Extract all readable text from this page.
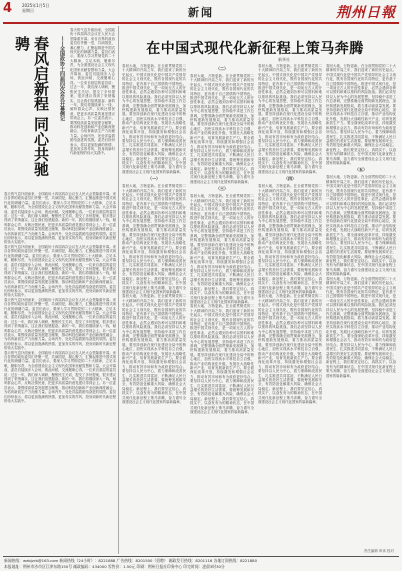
4 2025年1月5日
星期日	新闻	荆州日報
春风启新程 同心共驰骋	——全国政协十四届四次会议开幕侧记
春天的气息扑面而来，全国政协十四届四次会议在人民大会堂隆重开幕。来自各界的政协委员们齐聚一堂，共商国是，凝心聚力，汇聚起推进中国式现代化的磅礴力量。委员们表示，要深入学习贯彻党的二十大精神，立足本职，履职尽责，为全面建设社会主义现代化国家贡献智慧和力量。大会开幕前，委员们陆续步入会场，彼此问候，交流履职心得。一位来自基层的委员说：过去一年，我们深入调研，聚焦民生关切，提交了多份提案，很多建议得到了采纳落实，这让我们倍感振奋。新的一年，我们将继续深入一线，倾听群众心声，反映社情民意，把更多高质量的意见建议带到会上。另一位委员表示，要围绕高质量发展建言献策，推动科技创新和产业创新深度融合，为培育新质生产力贡献力量。会场内外，处处洋溢着团结奋进的氛围。委员们纷纷表示，将以更加饱满的热情、更加务实的作风，投身到新时代新征程的伟大实践中。
春天的气息扑面而来，全国政协十四届四次会议在人民大会堂隆重开幕。来自各界的政协委员们齐聚一堂，共商国是，凝心聚力，汇聚起推进中国式现代化的磅礴力量。委员们表示，要深入学习贯彻党的二十大精神，立足本职，履职尽责，为全面建设社会主义现代化国家贡献智慧和力量。大会开幕前，委员们陆续步入会场，彼此问候，交流履职心得。一位来自基层的委员说：过去一年，我们深入调研，聚焦民生关切，提交了多份提案，很多建议得到了采纳落实，这让我们倍感振奋。新的一年，我们将继续深入一线，倾听群众心声，反映社情民意，把更多高质量的意见建议带到会上。另一位委员表示，要围绕高质量发展建言献策，推动科技创新和产业创新深度融合，为培育新质生产力贡献力量。会场内外，处处洋溢着团结奋进的氛围。委员们纷纷表示，将以更加饱满的热情、更加务实的作风，投身到新时代新征程的伟大实践中。
春天的气息扑面而来，全国政协十四届四次会议在人民大会堂隆重开幕。来自各界的政协委员们齐聚一堂，共商国是，凝心聚力，汇聚起推进中国式现代化的磅礴力量。委员们表示，要深入学习贯彻党的二十大精神，立足本职，履职尽责，为全面建设社会主义现代化国家贡献智慧和力量。大会开幕前，委员们陆续步入会场，彼此问候，交流履职心得。一位来自基层的委员说：过去一年，我们深入调研，聚焦民生关切，提交了多份提案，很多建议得到了采纳落实，这让我们倍感振奋。新的一年，我们将继续深入一线，倾听群众心声，反映社情民意，把更多高质量的意见建议带到会上。另一位委员表示，要围绕高质量发展建言献策，推动科技创新和产业创新深度融合，为培育新质生产力贡献力量。会场内外，处处洋溢着团结奋进的氛围。委员们纷纷表示，将以更加饱满的热情、更加务实的作风，投身到新时代新征程的伟大实践中。
春天的气息扑面而来，全国政协十四届四次会议在人民大会堂隆重开幕。来自各界的政协委员们齐聚一堂，共商国是，凝心聚力，汇聚起推进中国式现代化的磅礴力量。委员们表示，要深入学习贯彻党的二十大精神，立足本职，履职尽责，为全面建设社会主义现代化国家贡献智慧和力量。大会开幕前，委员们陆续步入会场，彼此问候，交流履职心得。一位来自基层的委员说：过去一年，我们深入调研，聚焦民生关切，提交了多份提案，很多建议得到了采纳落实，这让我们倍感振奋。新的一年，我们将继续深入一线，倾听群众心声，反映社情民意，把更多高质量的意见建议带到会上。另一位委员表示，要围绕高质量发展建言献策，推动科技创新和产业创新深度融合，为培育新质生产力贡献力量。会场内外，处处洋溢着团结奋进的氛围。委员们纷纷表示，将以更加饱满的热情、更加务实的作风，投身到新时代新征程的伟大实践中。
春天的气息扑面而来，全国政协十四届四次会议在人民大会堂隆重开幕。来自各界的政协委员们齐聚一堂，共商国是，凝心聚力，汇聚起推进中国式现代化的磅礴力量。委员们表示，要深入学习贯彻党的二十大精神，立足本职，履职尽责，为全面建设社会主义现代化国家贡献智慧和力量。大会开幕前，委员们陆续步入会场，彼此问候，交流履职心得。一位来自基层的委员说：过去一年，我们深入调研，聚焦民生关切，提交了多份提案，很多建议得到了采纳落实，这让我们倍感振奋。新的一年，我们将继续深入一线，倾听群众心声，反映社情民意，把更多高质量的意见建议带到会上。另一位委员表示，要围绕高质量发展建言献策，推动科技创新和产业创新深度融合，为培育新质生产力贡献力量。会场内外，处处洋溢着团结奋进的氛围。委员们纷纷表示，将以更加饱满的热情、更加务实的作风，投身到新时代新征程的伟大实践中。
在中国式现代化新征程上策马奔腾
新华社
春回大地，万物更新。在全面贯彻党的二十大精神的开局之年，我们迎来了新的历史起点。中国式现代化是中国共产党领导的社会主义现代化，既有各国现代化的共同特征，更有基于自己国情的中国特色。推进中国式现代化，是一项前无古人的开创性事业，必然会遇到各种可以预料和难以预料的风险挑战。我们必须坚持以人民为中心的发展思想，坚持稳中求进工作总基调，完整准确全面贯彻新发展理念，加快构建新发展格局，着力推动高质量发展。要坚持创新在现代化建设全局中的核心地位，加快实现高水平科技自立自强，推动产业结构优化升级，发展壮大战略性新兴产业，培育发展新质生产力。要全面深化改革开放，持续激发和增强社会活力，推动有效市场和有为政府更好结合。要坚持以人民为中心，着力保障和改善民生，扎实推进共同富裕，不断满足人民日益增长的美好生活需要。要统筹发展和安全，有效防范化解重大风险，确保社会大局稳定。新征程上，我们要坚定信心、真抓实干，以奋发有为的精神状态，在中国式现代化新征程上策马奔腾，奋力谱写全面建设社会主义现代化国家的崭新篇章。
（一）
春回大地，万物更新。在全面贯彻党的二十大精神的开局之年，我们迎来了新的历史起点。中国式现代化是中国共产党领导的社会主义现代化，既有各国现代化的共同特征，更有基于自己国情的中国特色。推进中国式现代化，是一项前无古人的开创性事业，必然会遇到各种可以预料和难以预料的风险挑战。我们必须坚持以人民为中心的发展思想，坚持稳中求进工作总基调，完整准确全面贯彻新发展理念，加快构建新发展格局，着力推动高质量发展。要坚持创新在现代化建设全局中的核心地位，加快实现高水平科技自立自强，推动产业结构优化升级，发展壮大战略性新兴产业，培育发展新质生产力。要全面深化改革开放，持续激发和增强社会活力，推动有效市场和有为政府更好结合。要坚持以人民为中心，着力保障和改善民生，扎实推进共同富裕，不断满足人民日益增长的美好生活需要。要统筹发展和安全，有效防范化解重大风险，确保社会大局稳定。新征程上，我们要坚定信心、真抓实干，以奋发有为的精神状态，在中国式现代化新征程上策马奔腾，奋力谱写全面建设社会主义现代化国家的崭新篇章。
春回大地，万物更新。在全面贯彻党的二十大精神的开局之年，我们迎来了新的历史起点。中国式现代化是中国共产党领导的社会主义现代化，既有各国现代化的共同特征，更有基于自己国情的中国特色。推进中国式现代化，是一项前无古人的开创性事业，必然会遇到各种可以预料和难以预料的风险挑战。我们必须坚持以人民为中心的发展思想，坚持稳中求进工作总基调，完整准确全面贯彻新发展理念，加快构建新发展格局，着力推动高质量发展。要坚持创新在现代化建设全局中的核心地位，加快实现高水平科技自立自强，推动产业结构优化升级，发展壮大战略性新兴产业，培育发展新质生产力。要全面深化改革开放，持续激发和增强社会活力，推动有效市场和有为政府更好结合。要坚持以人民为中心，着力保障和改善民生，扎实推进共同富裕，不断满足人民日益增长的美好生活需要。要统筹发展和安全，有效防范化解重大风险，确保社会大局稳定。新征程上，我们要坚定信心、真抓实干，以奋发有为的精神状态，在中国式现代化新征程上策马奔腾，奋力谱写全面建设社会主义现代化国家的崭新篇章。
（二）
春回大地，万物更新。在全面贯彻党的二十大精神的开局之年，我们迎来了新的历史起点。中国式现代化是中国共产党领导的社会主义现代化，既有各国现代化的共同特征，更有基于自己国情的中国特色。推进中国式现代化，是一项前无古人的开创性事业，必然会遇到各种可以预料和难以预料的风险挑战。我们必须坚持以人民为中心的发展思想，坚持稳中求进工作总基调，完整准确全面贯彻新发展理念，加快构建新发展格局，着力推动高质量发展。要坚持创新在现代化建设全局中的核心地位，加快实现高水平科技自立自强，推动产业结构优化升级，发展壮大战略性新兴产业，培育发展新质生产力。要全面深化改革开放，持续激发和增强社会活力，推动有效市场和有为政府更好结合。要坚持以人民为中心，着力保障和改善民生，扎实推进共同富裕，不断满足人民日益增长的美好生活需要。要统筹发展和安全，有效防范化解重大风险，确保社会大局稳定。新征程上，我们要坚定信心、真抓实干，以奋发有为的精神状态，在中国式现代化新征程上策马奔腾，奋力谱写全面建设社会主义现代化国家的崭新篇章。
（三）
春回大地，万物更新。在全面贯彻党的二十大精神的开局之年，我们迎来了新的历史起点。中国式现代化是中国共产党领导的社会主义现代化，既有各国现代化的共同特征，更有基于自己国情的中国特色。推进中国式现代化，是一项前无古人的开创性事业，必然会遇到各种可以预料和难以预料的风险挑战。我们必须坚持以人民为中心的发展思想，坚持稳中求进工作总基调，完整准确全面贯彻新发展理念，加快构建新发展格局，着力推动高质量发展。要坚持创新在现代化建设全局中的核心地位，加快实现高水平科技自立自强，推动产业结构优化升级，发展壮大战略性新兴产业，培育发展新质生产力。要全面深化改革开放，持续激发和增强社会活力，推动有效市场和有为政府更好结合。要坚持以人民为中心，着力保障和改善民生，扎实推进共同富裕，不断满足人民日益增长的美好生活需要。要统筹发展和安全，有效防范化解重大风险，确保社会大局稳定。新征程上，我们要坚定信心、真抓实干，以奋发有为的精神状态，在中国式现代化新征程上策马奔腾，奋力谱写全面建设社会主义现代化国家的崭新篇章。
春回大地，万物更新。在全面贯彻党的二十大精神的开局之年，我们迎来了新的历史起点。中国式现代化是中国共产党领导的社会主义现代化，既有各国现代化的共同特征，更有基于自己国情的中国特色。推进中国式现代化，是一项前无古人的开创性事业，必然会遇到各种可以预料和难以预料的风险挑战。我们必须坚持以人民为中心的发展思想，坚持稳中求进工作总基调，完整准确全面贯彻新发展理念，加快构建新发展格局，着力推动高质量发展。要坚持创新在现代化建设全局中的核心地位，加快实现高水平科技自立自强，推动产业结构优化升级，发展壮大战略性新兴产业，培育发展新质生产力。要全面深化改革开放，持续激发和增强社会活力，推动有效市场和有为政府更好结合。要坚持以人民为中心，着力保障和改善民生，扎实推进共同富裕，不断满足人民日益增长的美好生活需要。要统筹发展和安全，有效防范化解重大风险，确保社会大局稳定。新征程上，我们要坚定信心、真抓实干，以奋发有为的精神状态，在中国式现代化新征程上策马奔腾，奋力谱写全面建设社会主义现代化国家的崭新篇章。
春回大地，万物更新。在全面贯彻党的二十大精神的开局之年，我们迎来了新的历史起点。中国式现代化是中国共产党领导的社会主义现代化，既有各国现代化的共同特征，更有基于自己国情的中国特色。推进中国式现代化，是一项前无古人的开创性事业，必然会遇到各种可以预料和难以预料的风险挑战。我们必须坚持以人民为中心的发展思想，坚持稳中求进工作总基调，完整准确全面贯彻新发展理念，加快构建新发展格局，着力推动高质量发展。要坚持创新在现代化建设全局中的核心地位，加快实现高水平科技自立自强，推动产业结构优化升级，发展壮大战略性新兴产业，培育发展新质生产力。要全面深化改革开放，持续激发和增强社会活力，推动有效市场和有为政府更好结合。要坚持以人民为中心，着力保障和改善民生，扎实推进共同富裕，不断满足人民日益增长的美好生活需要。要统筹发展和安全，有效防范化解重大风险，确保社会大局稳定。新征程上，我们要坚定信心、真抓实干，以奋发有为的精神状态，在中国式现代化新征程上策马奔腾，奋力谱写全面建设社会主义现代化国家的崭新篇章。
（四）
春回大地，万物更新。在全面贯彻党的二十大精神的开局之年，我们迎来了新的历史起点。中国式现代化是中国共产党领导的社会主义现代化，既有各国现代化的共同特征，更有基于自己国情的中国特色。推进中国式现代化，是一项前无古人的开创性事业，必然会遇到各种可以预料和难以预料的风险挑战。我们必须坚持以人民为中心的发展思想，坚持稳中求进工作总基调，完整准确全面贯彻新发展理念，加快构建新发展格局，着力推动高质量发展。要坚持创新在现代化建设全局中的核心地位，加快实现高水平科技自立自强，推动产业结构优化升级，发展壮大战略性新兴产业，培育发展新质生产力。要全面深化改革开放，持续激发和增强社会活力，推动有效市场和有为政府更好结合。要坚持以人民为中心，着力保障和改善民生，扎实推进共同富裕，不断满足人民日益增长的美好生活需要。要统筹发展和安全，有效防范化解重大风险，确保社会大局稳定。新征程上，我们要坚定信心、真抓实干，以奋发有为的精神状态，在中国式现代化新征程上策马奔腾，奋力谱写全面建设社会主义现代化国家的崭新篇章。
春回大地，万物更新。在全面贯彻党的二十大精神的开局之年，我们迎来了新的历史起点。中国式现代化是中国共产党领导的社会主义现代化，既有各国现代化的共同特征，更有基于自己国情的中国特色。推进中国式现代化，是一项前无古人的开创性事业，必然会遇到各种可以预料和难以预料的风险挑战。我们必须坚持以人民为中心的发展思想，坚持稳中求进工作总基调，完整准确全面贯彻新发展理念，加快构建新发展格局，着力推动高质量发展。要坚持创新在现代化建设全局中的核心地位，加快实现高水平科技自立自强，推动产业结构优化升级，发展壮大战略性新兴产业，培育发展新质生产力。要全面深化改革开放，持续激发和增强社会活力，推动有效市场和有为政府更好结合。要坚持以人民为中心，着力保障和改善民生，扎实推进共同富裕，不断满足人民日益增长的美好生活需要。要统筹发展和安全，有效防范化解重大风险，确保社会大局稳定。新征程上，我们要坚定信心、真抓实干，以奋发有为的精神状态，在中国式现代化新征程上策马奔腾，奋力谱写全面建设社会主义现代化国家的崭新篇章。
春回大地，万物更新。在全面贯彻党的二十大精神的开局之年，我们迎来了新的历史起点。中国式现代化是中国共产党领导的社会主义现代化，既有各国现代化的共同特征，更有基于自己国情的中国特色。推进中国式现代化，是一项前无古人的开创性事业，必然会遇到各种可以预料和难以预料的风险挑战。我们必须坚持以人民为中心的发展思想，坚持稳中求进工作总基调，完整准确全面贯彻新发展理念，加快构建新发展格局，着力推动高质量发展。要坚持创新在现代化建设全局中的核心地位，加快实现高水平科技自立自强，推动产业结构优化升级，发展壮大战略性新兴产业，培育发展新质生产力。要全面深化改革开放，持续激发和增强社会活力，推动有效市场和有为政府更好结合。要坚持以人民为中心，着力保障和改善民生，扎实推进共同富裕，不断满足人民日益增长的美好生活需要。要统筹发展和安全，有效防范化解重大风险，确保社会大局稳定。新征程上，我们要坚定信心、真抓实干，以奋发有为的精神状态，在中国式现代化新征程上策马奔腾，奋力谱写全面建设社会主义现代化国家的崭新篇章。
（五）
春回大地，万物更新。在全面贯彻党的二十大精神的开局之年，我们迎来了新的历史起点。中国式现代化是中国共产党领导的社会主义现代化，既有各国现代化的共同特征，更有基于自己国情的中国特色。推进中国式现代化，是一项前无古人的开创性事业，必然会遇到各种可以预料和难以预料的风险挑战。我们必须坚持以人民为中心的发展思想，坚持稳中求进工作总基调，完整准确全面贯彻新发展理念，加快构建新发展格局，着力推动高质量发展。要坚持创新在现代化建设全局中的核心地位，加快实现高水平科技自立自强，推动产业结构优化升级，发展壮大战略性新兴产业，培育发展新质生产力。要全面深化改革开放，持续激发和增强社会活力，推动有效市场和有为政府更好结合。要坚持以人民为中心，着力保障和改善民生，扎实推进共同富裕，不断满足人民日益增长的美好生活需要。要统筹发展和安全，有效防范化解重大风险，确保社会大局稳定。新征程上，我们要坚定信心、真抓实干，以奋发有为的精神状态，在中国式现代化新征程上策马奔腾，奋力谱写全面建设社会主义现代化国家的崭新篇章。
春回大地，万物更新。在全面贯彻党的二十大精神的开局之年，我们迎来了新的历史起点。中国式现代化是中国共产党领导的社会主义现代化，既有各国现代化的共同特征，更有基于自己国情的中国特色。推进中国式现代化，是一项前无古人的开创性事业，必然会遇到各种可以预料和难以预料的风险挑战。我们必须坚持以人民为中心的发展思想，坚持稳中求进工作总基调，完整准确全面贯彻新发展理念，加快构建新发展格局，着力推动高质量发展。要坚持创新在现代化建设全局中的核心地位，加快实现高水平科技自立自强，推动产业结构优化升级，发展壮大战略性新兴产业，培育发展新质生产力。要全面深化改革开放，持续激发和增强社会活力，推动有效市场和有为政府更好结合。要坚持以人民为中心，着力保障和改善民生，扎实推进共同富裕，不断满足人民日益增长的美好生活需要。要统筹发展和安全，有效防范化解重大风险，确保社会大局稳定。新征程上，我们要坚定信心、真抓实干，以奋发有为的精神状态，在中国式现代化新征程上策马奔腾，奋力谱写全面建设社会主义现代化国家的崭新篇章。
责任编辑 审读 校对
新闻热线：webjzrb@163.com 新闻热线（24小时）：8221888 广告热线：8201500（招聘） 邮政发行热线：8201116 各地订阅热线：8221880
本报地址：荆州市沙市区江津东路150号 邮政编码：434000 零售价：1.50元 印刷：荆州日报社印务中心 印完时间：凌晨3时30分
